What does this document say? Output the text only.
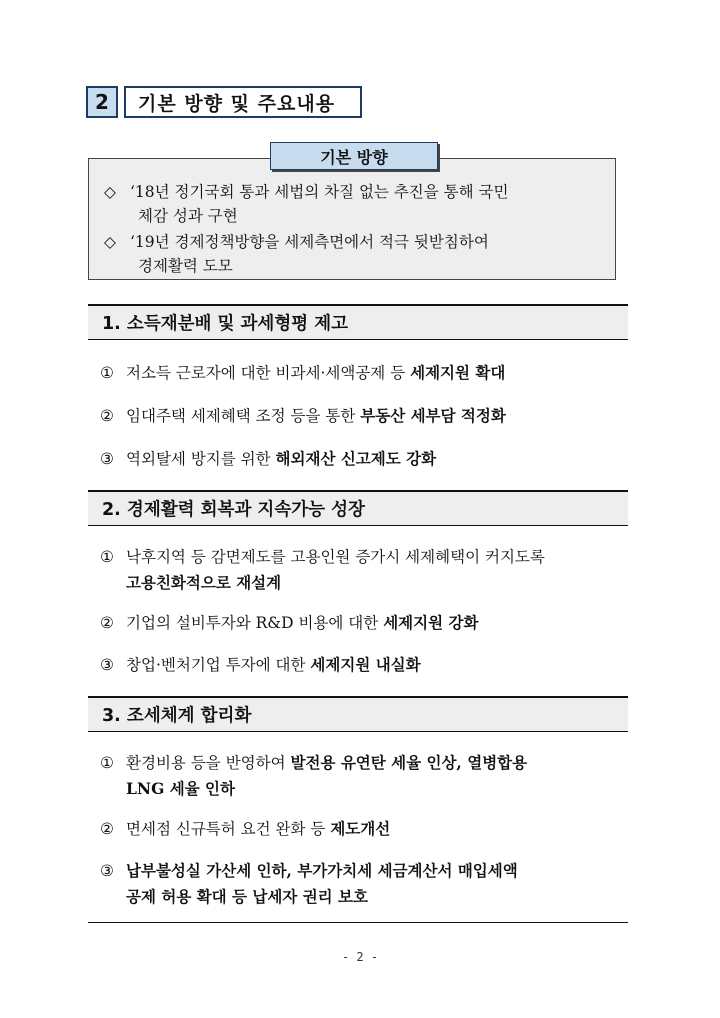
2	기본 방향 및 주요내용
기본 방향
◇ ‘18년 정기국회 통과 세법의 차질 없는 추진을 통해 국민
체감 성과 구현
◇ ‘19년 경제정책방향을 세제측면에서 적극 뒷받침하여
경제활력 도모
1. 소득재분배 및 과세형평 제고
① 저소득 근로자에 대한 비과세·세액공제 등 세제지원 확대
② 임대주택 세제혜택 조정 등을 통한 부동산 세부담 적정화
③ 역외탈세 방지를 위한 해외재산 신고제도 강화
2. 경제활력 회복과 지속가능 성장
① 낙후지역 등 감면제도를 고용인원 증가시 세제혜택이 커지도록
고용친화적으로 재설계
② 기업의 설비투자와 R&D 비용에 대한 세제지원 강화
③ 창업·벤처기업 투자에 대한 세제지원 내실화
3. 조세체계 합리화
① 환경비용 등을 반영하여 발전용 유연탄 세율 인상, 열병합용
LNG 세율 인하
② 면세점 신규특허 요건 완화 등 제도개선
③ 납부불성실 가산세 인하, 부가가치세 세금계산서 매입세액
공제 허용 확대 등 납세자 권리 보호
- 2 -
